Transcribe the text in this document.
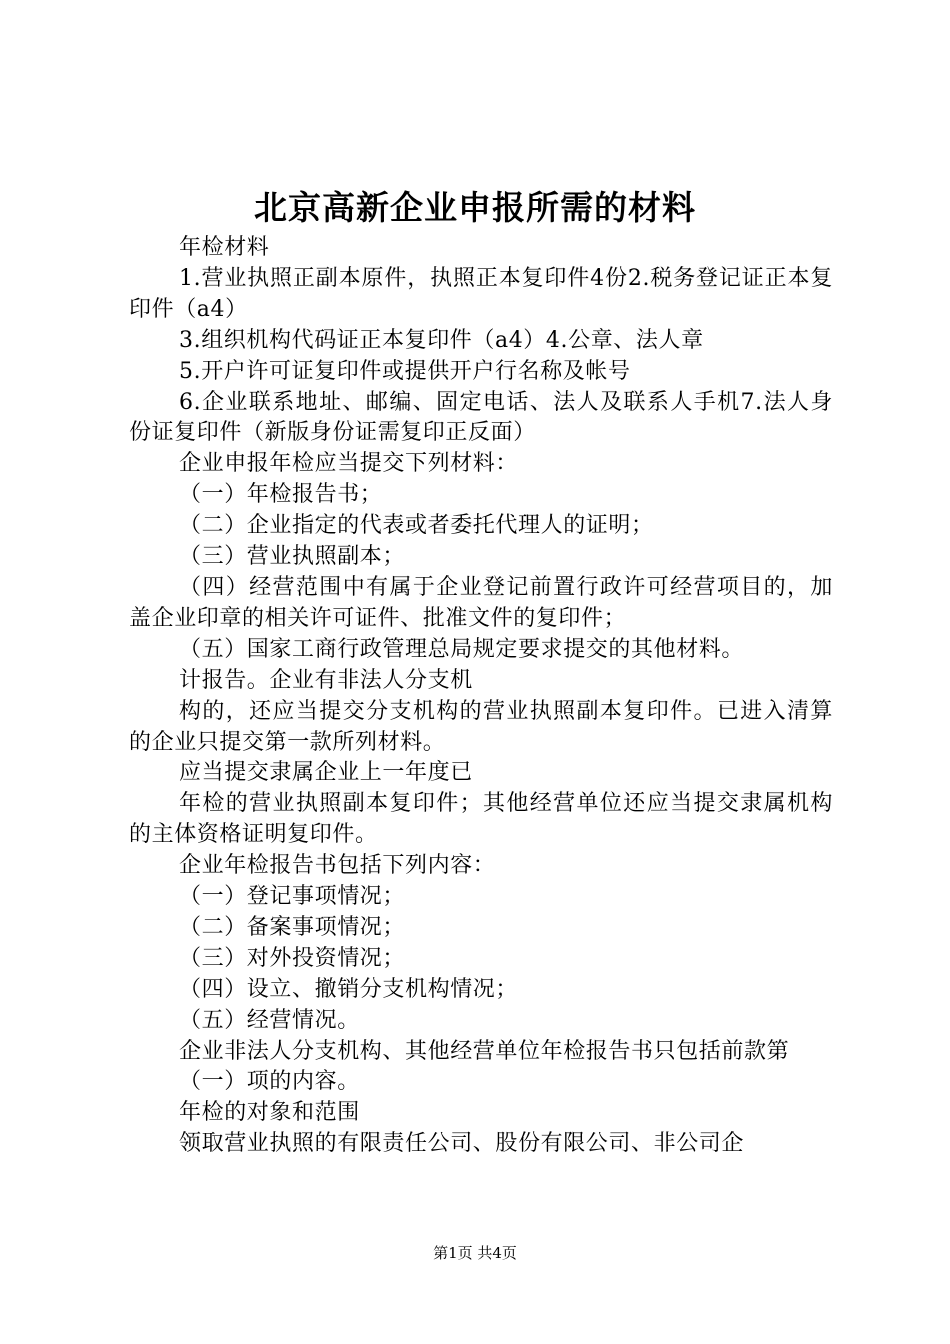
北京高新企业申报所需的材料

年检材料

1.营业执照正副本原件，执照正本复印件4份2.税务登记证正本复印件（a4）

3.组织机构代码证正本复印件（a4）4.公章、法人章

5.开户许可证复印件或提供开户行名称及帐号

6.企业联系地址、邮编、固定电话、法人及联系人手机7.法人身份证复印件（新版身份证需复印正反面）

企业申报年检应当提交下列材料：

（一）年检报告书；

（二）企业指定的代表或者委托代理人的证明；

（三）营业执照副本；

（四）经营范围中有属于企业登记前置行政许可经营项目的，加盖企业印章的相关许可证件、批准文件的复印件；

（五）国家工商行政管理总局规定要求提交的其他材料。

计报告。企业有非法人分支机

构的，还应当提交分支机构的营业执照副本复印件。已进入清算的企业只提交第一款所列材料。

应当提交隶属企业上一年度已

年检的营业执照副本复印件；其他经营单位还应当提交隶属机构的主体资格证明复印件。

企业年检报告书包括下列内容：

（一）登记事项情况；

（二）备案事项情况；

（三）对外投资情况；

（四）设立、撤销分支机构情况；

（五）经营情况。

企业非法人分支机构、其他经营单位年检报告书只包括前款第

（一）项的内容。

年检的对象和范围

领取营业执照的有限责任公司、股份有限公司、非公司企

第1页 共4页
